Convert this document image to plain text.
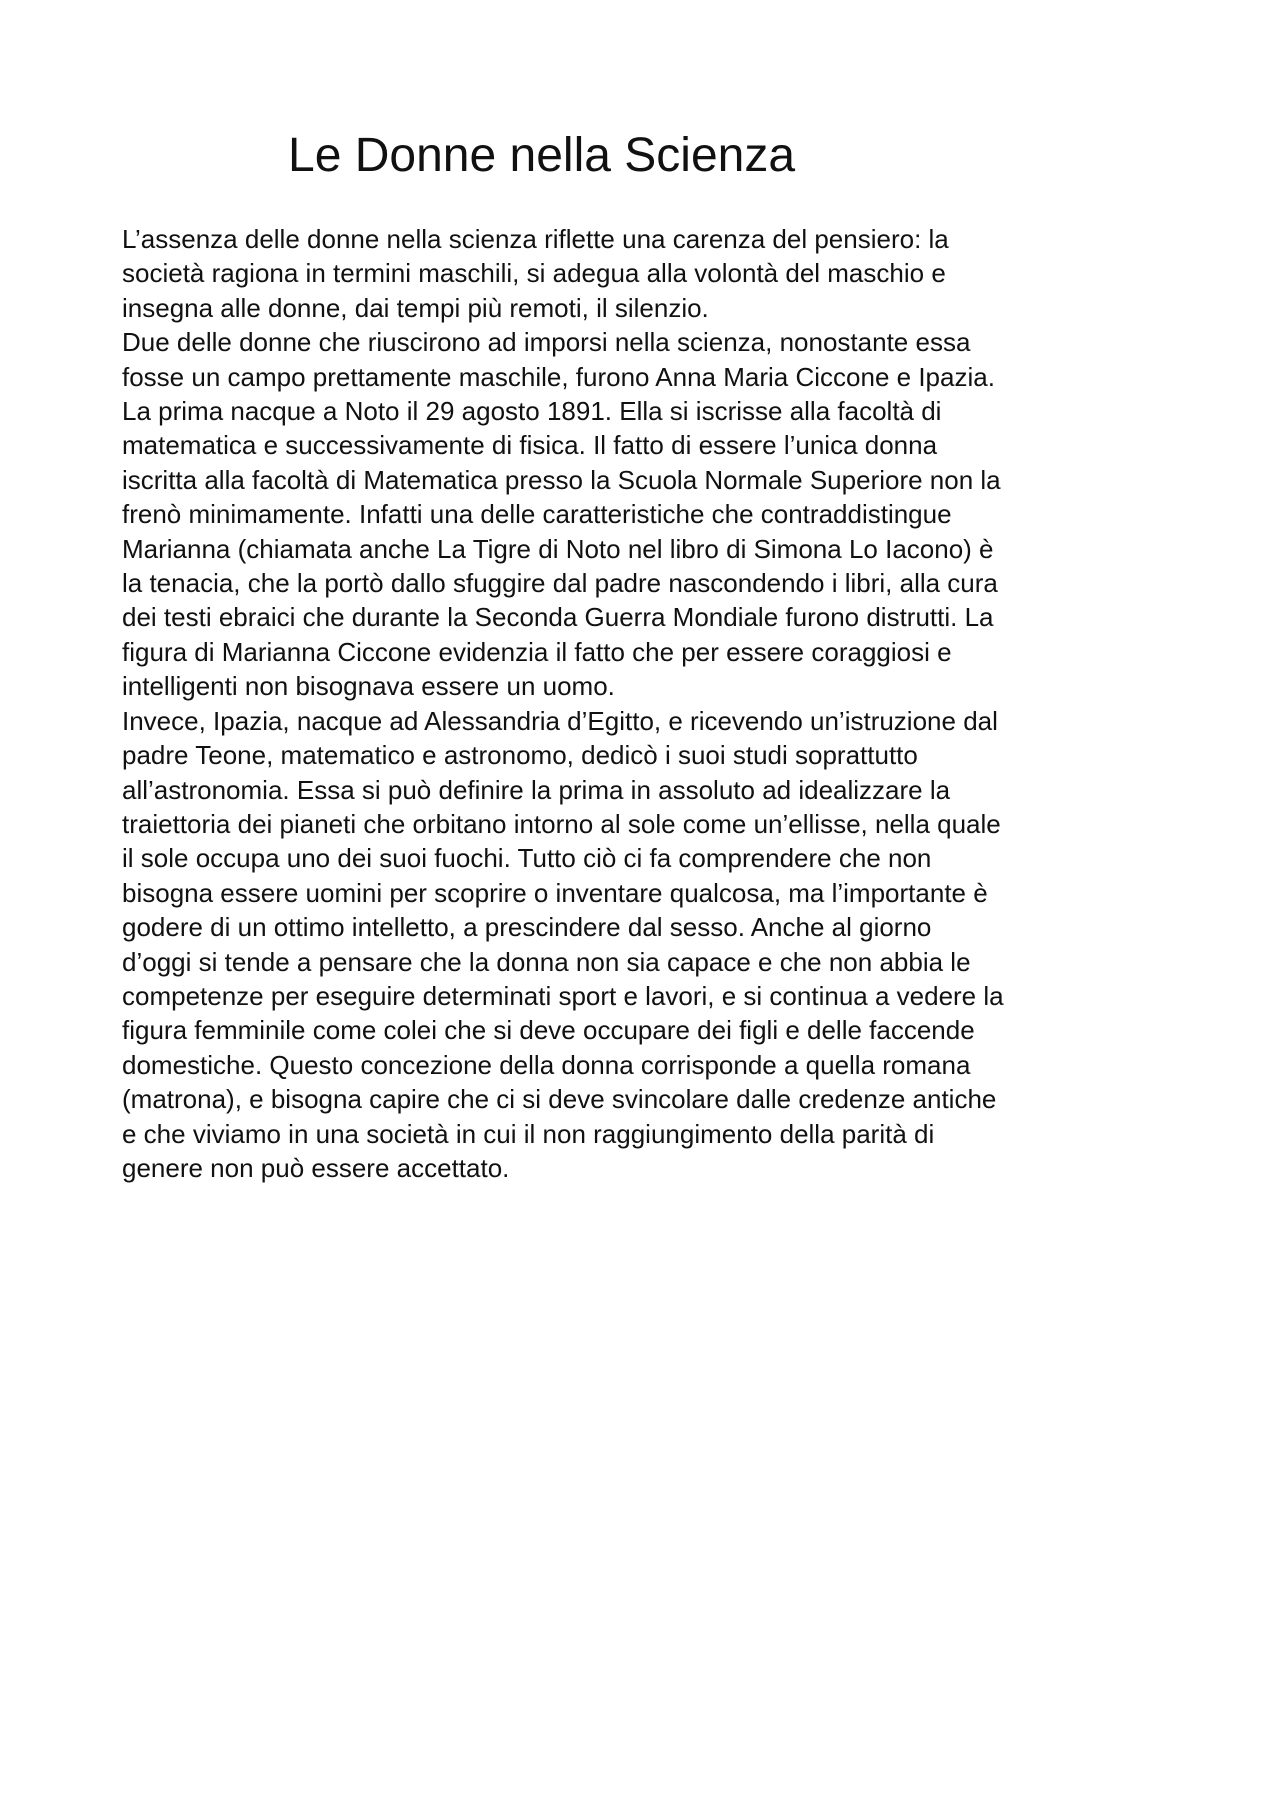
Le Donne nella Scienza
L’assenza delle donne nella scienza riflette una carenza del pensiero: la
società ragiona in termini maschili, si adegua alla volontà del maschio e
insegna alle donne, dai tempi più remoti, il silenzio.
Due delle donne che riuscirono ad imporsi nella scienza, nonostante essa
fosse un campo prettamente maschile, furono Anna Maria Ciccone e Ipazia.
La prima nacque a Noto il 29 agosto 1891. Ella si iscrisse alla facoltà di
matematica e successivamente di fisica. Il fatto di essere l’unica donna
iscritta alla facoltà di Matematica presso la Scuola Normale Superiore non la
frenò minimamente. Infatti una delle caratteristiche che contraddistingue
Marianna (chiamata anche La Tigre di Noto nel libro di Simona Lo Iacono) è
la tenacia, che la portò dallo sfuggire dal padre nascondendo i libri, alla cura
dei testi ebraici che durante la Seconda Guerra Mondiale furono distrutti. La
figura di Marianna Ciccone evidenzia il fatto che per essere coraggiosi e
intelligenti non bisognava essere un uomo.
Invece, Ipazia, nacque ad Alessandria d’Egitto, e ricevendo un’istruzione dal
padre Teone, matematico e astronomo, dedicò i suoi studi soprattutto
all’astronomia. Essa si può definire la prima in assoluto ad idealizzare la
traiettoria dei pianeti che orbitano intorno al sole come un’ellisse, nella quale
il sole occupa uno dei suoi fuochi. Tutto ciò ci fa comprendere che non
bisogna essere uomini per scoprire o inventare qualcosa, ma l’importante è
godere di un ottimo intelletto, a prescindere dal sesso. Anche al giorno
d’oggi si tende a pensare che la donna non sia capace e che non abbia le
competenze per eseguire determinati sport e lavori, e si continua a vedere la
figura femminile come colei che si deve occupare dei figli e delle faccende
domestiche. Questo concezione della donna corrisponde a quella romana
(matrona), e bisogna capire che ci si deve svincolare dalle credenze antiche
e che viviamo in una società in cui il non raggiungimento della parità di
genere non può essere accettato.
